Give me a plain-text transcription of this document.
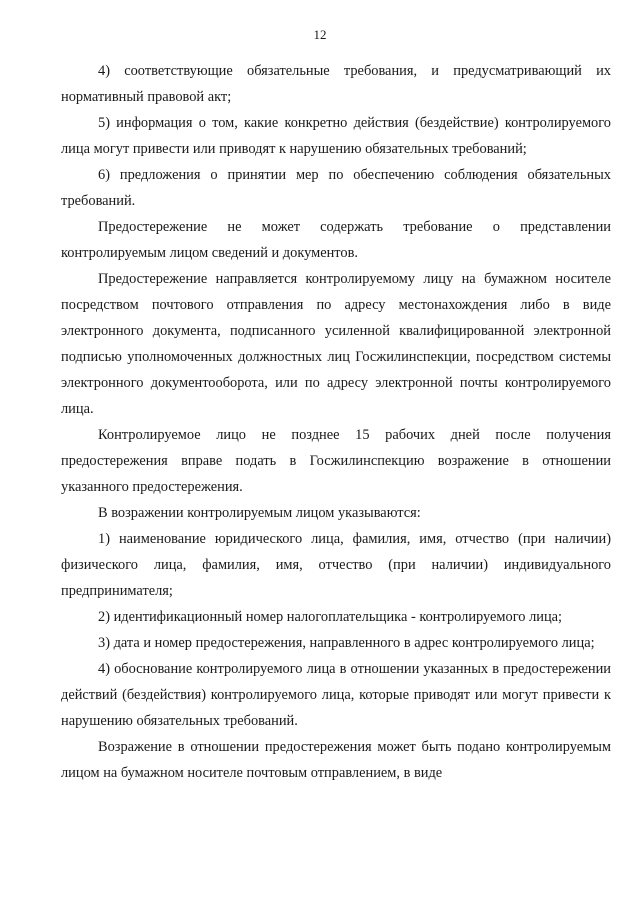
12

4) соответствующие обязательные требования, и предусматривающий их нормативный правовой акт;

5) информация о том, какие конкретно действия (бездействие) контролируемого лица могут привести или приводят к нарушению обязательных требований;

6) предложения о принятии мер по обеспечению соблюдения обязательных требований.

Предостережение не может содержать требование о представлении контролируемым лицом сведений и документов.

Предостережение направляется контролируемому лицу на бумажном носителе посредством почтового отправления по адресу местонахождения либо в виде электронного документа, подписанного усиленной квалифицированной электронной подписью уполномоченных должностных лиц Госжилинспекции, посредством системы электронного документооборота, или по адресу электронной почты контролируемого лица.

Контролируемое лицо не позднее 15 рабочих дней после получения предостережения вправе подать в Госжилинспекцию возражение в отношении указанного предостережения.

В возражении контролируемым лицом указываются:

1) наименование юридического лица, фамилия, имя, отчество (при наличии) физического лица, фамилия, имя, отчество (при наличии) индивидуального предпринимателя;

2) идентификационный номер налогоплательщика - контролируемого лица;

3) дата и номер предостережения, направленного в адрес контролируемого лица;

4) обоснование контролируемого лица в отношении указанных в предостережении действий (бездействия) контролируемого лица, которые приводят или могут привести к нарушению обязательных требований.

Возражение в отношении предостережения может быть подано контролируемым лицом на бумажном носителе почтовым отправлением, в виде
